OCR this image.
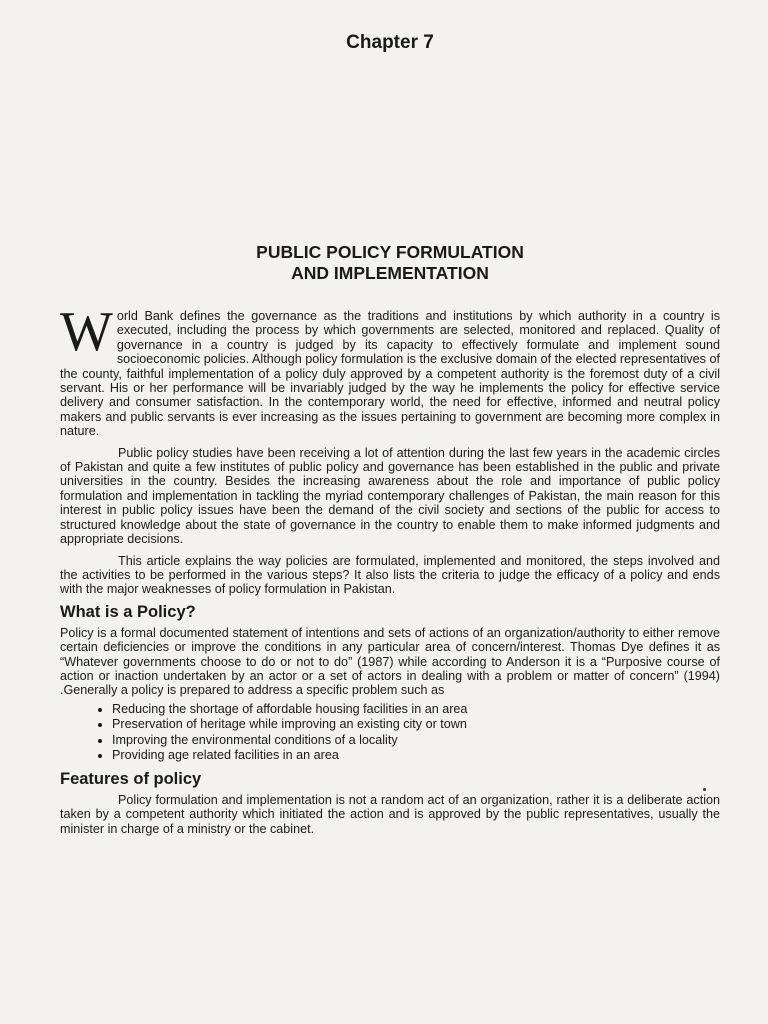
Chapter 7
PUBLIC POLICY FORMULATION
AND IMPLEMENTATION

World Bank defines the governance as the traditions and institutions by which authority in a country is executed, including the process by which governments are selected, monitored and replaced. Quality of governance in a country is judged by its capacity to effectively formulate and implement sound socioeconomic policies. Although policy formulation is the exclusive domain of the elected representatives of the county, faithful implementation of a policy duly approved by a competent authority is the foremost duty of a civil servant. His or her performance will be invariably judged by the way he implements the policy for effective service delivery and consumer satisfaction. In the contemporary world, the need for effective, informed and neutral policy makers and public servants is ever increasing as the issues pertaining to government are becoming more complex in nature.

Public policy studies have been receiving a lot of attention during the last few years in the academic circles of Pakistan and quite a few institutes of public policy and governance has been established in the public and private universities in the country. Besides the increasing awareness about the role and importance of public policy formulation and implementation in tackling the myriad contemporary challenges of Pakistan, the main reason for this interest in public policy issues have been the demand of the civil society and sections of the public for access to structured knowledge about the state of governance in the country to enable them to make informed judgments and appropriate decisions.

This article explains the way policies are formulated, implemented and monitored, the steps involved and the activities to be performed in the various steps? It also lists the criteria to judge the efficacy of a policy and ends with the major weaknesses of policy formulation in Pakistan.

What is a Policy?

Policy is a formal documented statement of intentions and sets of actions of an organization/authority to either remove certain deficiencies or improve the conditions in any particular area of concern/interest. Thomas Dye defines it as “Whatever governments choose to do or not to do” (1987) while according to Anderson it is a “Purposive course of action or inaction undertaken by an actor or a set of actors in dealing with a problem or matter of concern” (1994) .Generally a policy is prepared to address a specific problem such as

• Reducing the shortage of affordable housing facilities in an area
• Preservation of heritage while improving an existing city or town
• Improving the environmental conditions of a locality
• Providing age related facilities in an area
Features of policy

Policy formulation and implementation is not a random act of an organization, rather it is a deliberate action taken by a competent authority which initiated the action and is approved by the public representatives, usually the minister in charge of a ministry or the cabinet.
